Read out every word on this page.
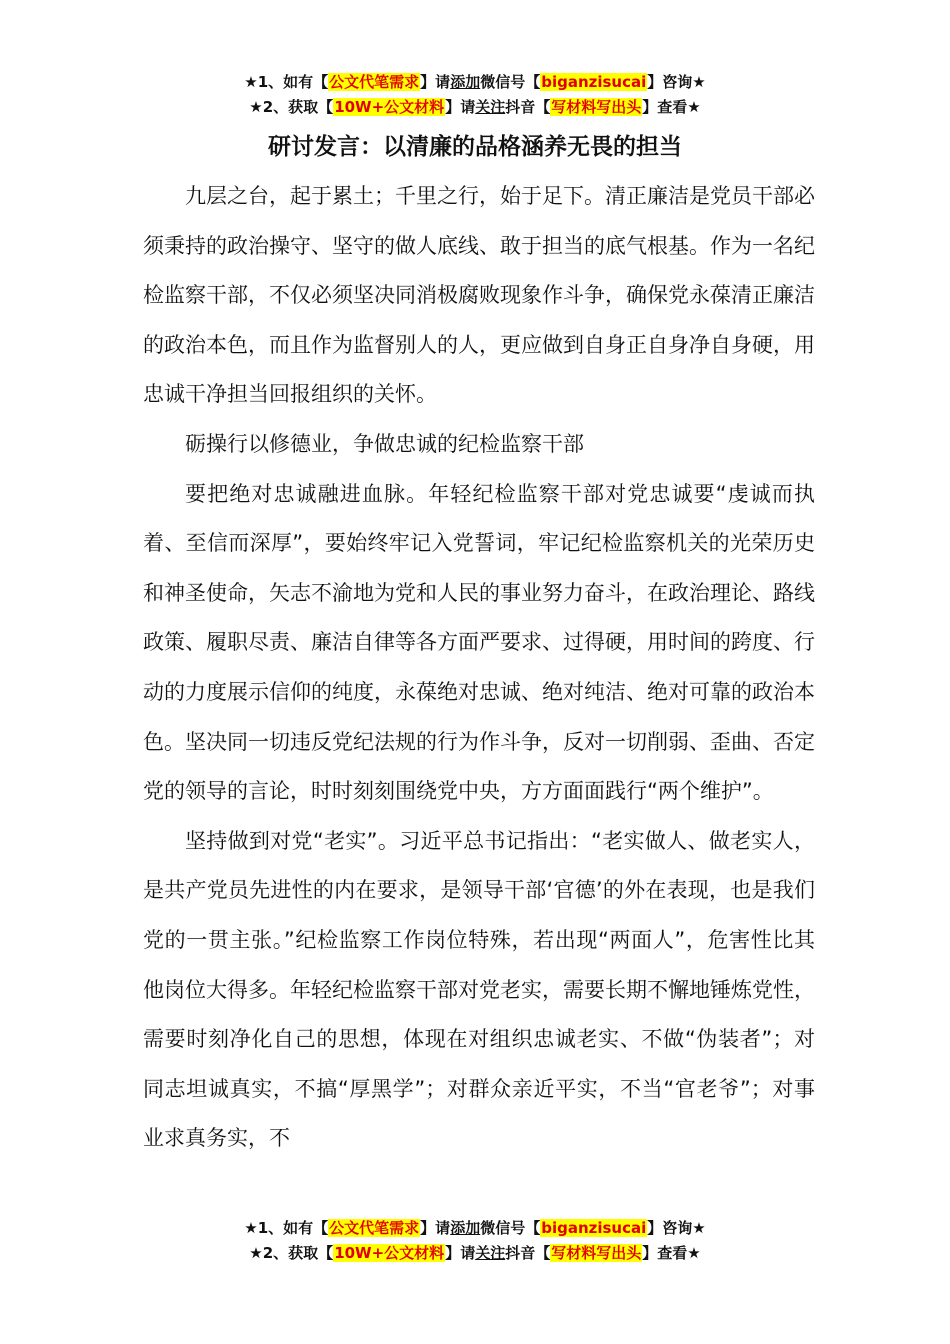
★1、如有【公文代笔需求】请添加微信号【biganzisucai】咨询★
★2、获取【10W+公文材料】请关注抖音【写材料写出头】查看★
研讨发言：以清廉的品格涵养无畏的担当

九层之台，起于累土；千里之行，始于足下。清正廉洁是党员干部必须秉持的政治操守、坚守的做人底线、敢于担当的底气根基。作为一名纪检监察干部，不仅必须坚决同消极腐败现象作斗争，确保党永葆清正廉洁的政治本色，而且作为监督别人的人，更应做到自身正自身净自身硬，用忠诚干净担当回报组织的关怀。

砺操行以修德业，争做忠诚的纪检监察干部

要把绝对忠诚融进血脉。年轻纪检监察干部对党忠诚要“虔诚而执着、至信而深厚”，要始终牢记入党誓词，牢记纪检监察机关的光荣历史和神圣使命，矢志不渝地为党和人民的事业努力奋斗，在政治理论、路线政策、履职尽责、廉洁自律等各方面严要求、过得硬，用时间的跨度、行动的力度展示信仰的纯度，永葆绝对忠诚、绝对纯洁、绝对可靠的政治本色。坚决同一切违反党纪法规的行为作斗争，反对一切削弱、歪曲、否定党的领导的言论，时时刻刻围绕党中央，方方面面践行“两个维护”。

坚持做到对党“老实”。习近平总书记指出：“老实做人、做老实人，是共产党员先进性的内在要求，是领导干部‘官德’的外在表现，也是我们党的一贯主张。”纪检监察工作岗位特殊，若出现“两面人”，危害性比其他岗位大得多。年轻纪检监察干部对党老实，需要长期不懈地锤炼党性，需要时刻净化自己的思想，体现在对组织忠诚老实、不做“伪装者”；对同志坦诚真实，不搞“厚黑学”；对群众亲近平实，不当“官老爷”；对事业求真务实，不

★1、如有【公文代笔需求】请添加微信号【biganzisucai】咨询★
★2、获取【10W+公文材料】请关注抖音【写材料写出头】查看★
